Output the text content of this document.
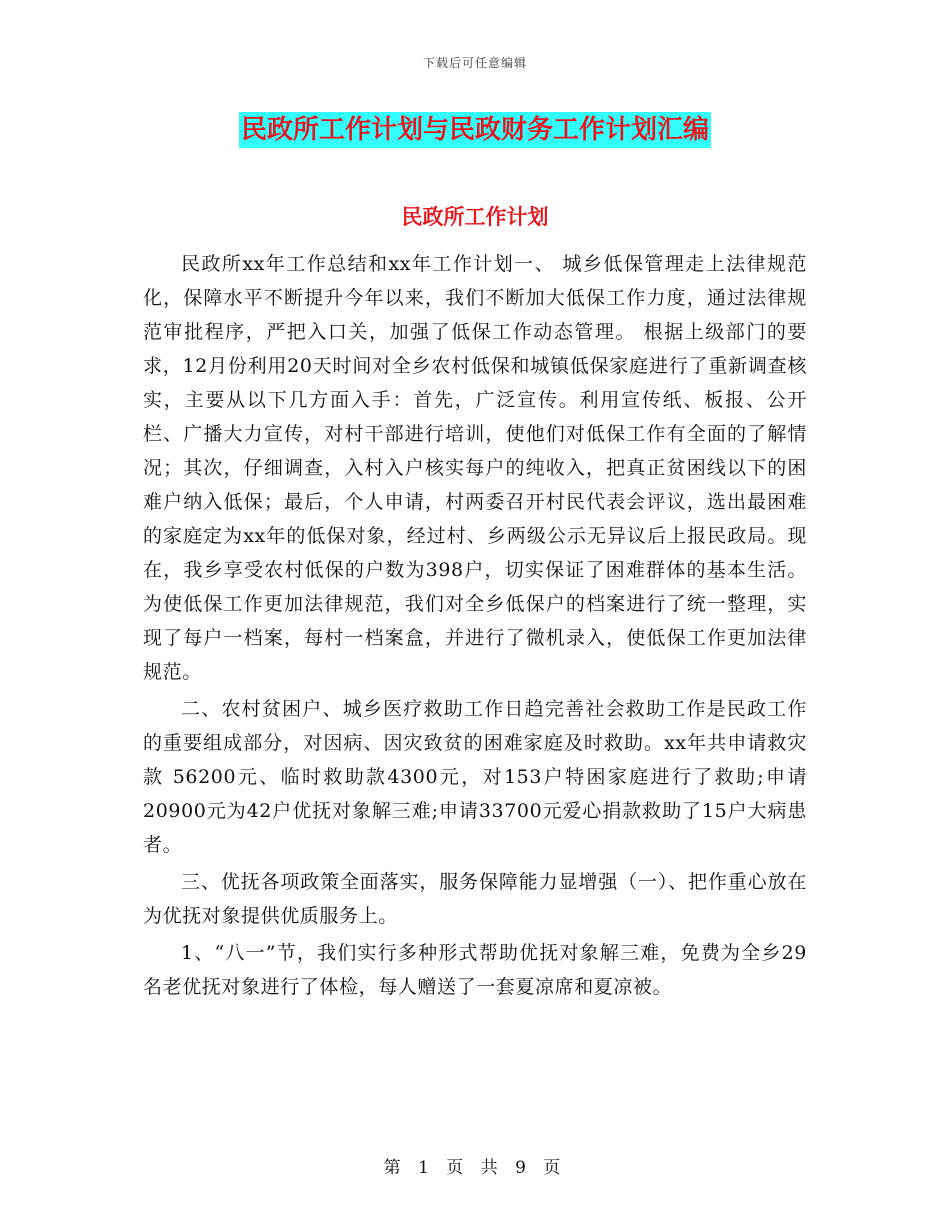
下载后可任意编辑
民政所工作计划与民政财务工作计划汇编
民政所工作计划

民政所xx年工作总结和xx年工作计划一、 城乡低保管理走上法律规范化，保障水平不断提升今年以来，我们不断加大低保工作力度，通过法律规范审批程序，严把入口关，加强了低保工作动态管理。 根据上级部门的要求，12月份利用20天时间对全乡农村低保和城镇低保家庭进行了重新调查核实，主要从以下几方面入手：首先，广泛宣传。利用宣传纸、板报、公开栏、广播大力宣传，对村干部进行培训，使他们对低保工作有全面的了解情况；其次，仔细调查，入村入户核实每户的纯收入，把真正贫困线以下的困难户纳入低保；最后，个人申请，村两委召开村民代表会评议，选出最困难的家庭定为xx年的低保对象，经过村、乡两级公示无异议后上报民政局。现在，我乡享受农村低保的户数为398户，切实保证了困难群体的基本生活。为使低保工作更加法律规范，我们对全乡低保户的档案进行了统一整理，实现了每户一档案，每村一档案盒，并进行了微机录入，使低保工作更加法律规范。

二、农村贫困户、城乡医疗救助工作日趋完善社会救助工作是民政工作的重要组成部分，对因病、因灾致贫的困难家庭及时救助。xx年共申请救灾款 56200元、临时救助款4300元，对153户特困家庭进行了救助;申请20900元为42户优抚对象解三难;申请33700元爱心捐款救助了15户大病患者。

三、优抚各项政策全面落实，服务保障能力显增强（一）、把作重心放在为优抚对象提供优质服务上。

1、“八一”节，我们实行多种形式帮助优抚对象解三难，免费为全乡29名老优抚对象进行了体检，每人赠送了一套夏凉席和夏凉被。

第 1 页 共 9 页
